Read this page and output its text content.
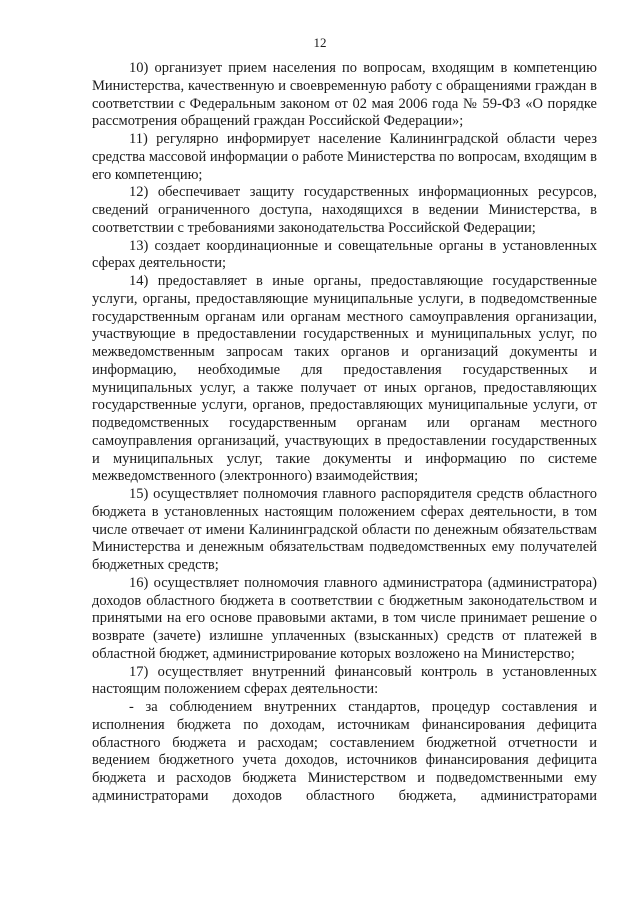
12

10) организует прием населения по вопросам, входящим в компетенцию Министерства, качественную и своевременную работу с обращениями граждан в соответствии с Федеральным законом от 02 мая 2006 года № 59-ФЗ «О порядке рассмотрения обращений граждан Российской Федерации»;

11) регулярно информирует население Калининградской области через средства массовой информации о работе Министерства по вопросам, входящим в его компетенцию;

12) обеспечивает защиту государственных информационных ресурсов, сведений ограниченного доступа, находящихся в ведении Министерства, в соответствии с требованиями законодательства Российской Федерации;

13) создает координационные и совещательные органы в установленных сферах деятельности;

14) предоставляет в иные органы, предоставляющие государственные услуги, органы, предоставляющие муниципальные услуги, в подведомственные государственным органам или органам местного самоуправления организации, участвующие в предоставлении государственных и муниципальных услуг, по межведомственным запросам таких органов и организаций документы и информацию, необходимые для предоставления государственных и муниципальных услуг, а также получает от иных органов, предоставляющих государственные услуги, органов, предоставляющих муниципальные услуги, от подведомственных государственным органам или органам местного самоуправления организаций, участвующих в предоставлении государственных и муниципальных услуг, такие документы и информацию по системе межведомственного (электронного) взаимодействия;

15) осуществляет полномочия главного распорядителя средств областного бюджета в установленных настоящим положением сферах деятельности, в том числе отвечает от имени Калининградской области по денежным обязательствам Министерства и денежным обязательствам подведомственных ему получателей бюджетных средств;

16) осуществляет полномочия главного администратора (администратора) доходов областного бюджета в соответствии с бюджетным законодательством и принятыми на его основе правовыми актами, в том числе принимает решение о возврате (зачете) излишне уплаченных (взысканных) средств от платежей в областной бюджет, администрирование которых возложено на Министерство;

17) осуществляет внутренний финансовый контроль в установленных настоящим положением сферах деятельности:

- за соблюдением внутренних стандартов, процедур составления и исполнения бюджета по доходам, источникам финансирования дефицита областного бюджета и расходам; составлением бюджетной отчетности и ведением бюджетного учета доходов, источников финансирования дефицита бюджета и расходов бюджета Министерством и подведомственными ему администраторами доходов областного бюджета, администраторами
